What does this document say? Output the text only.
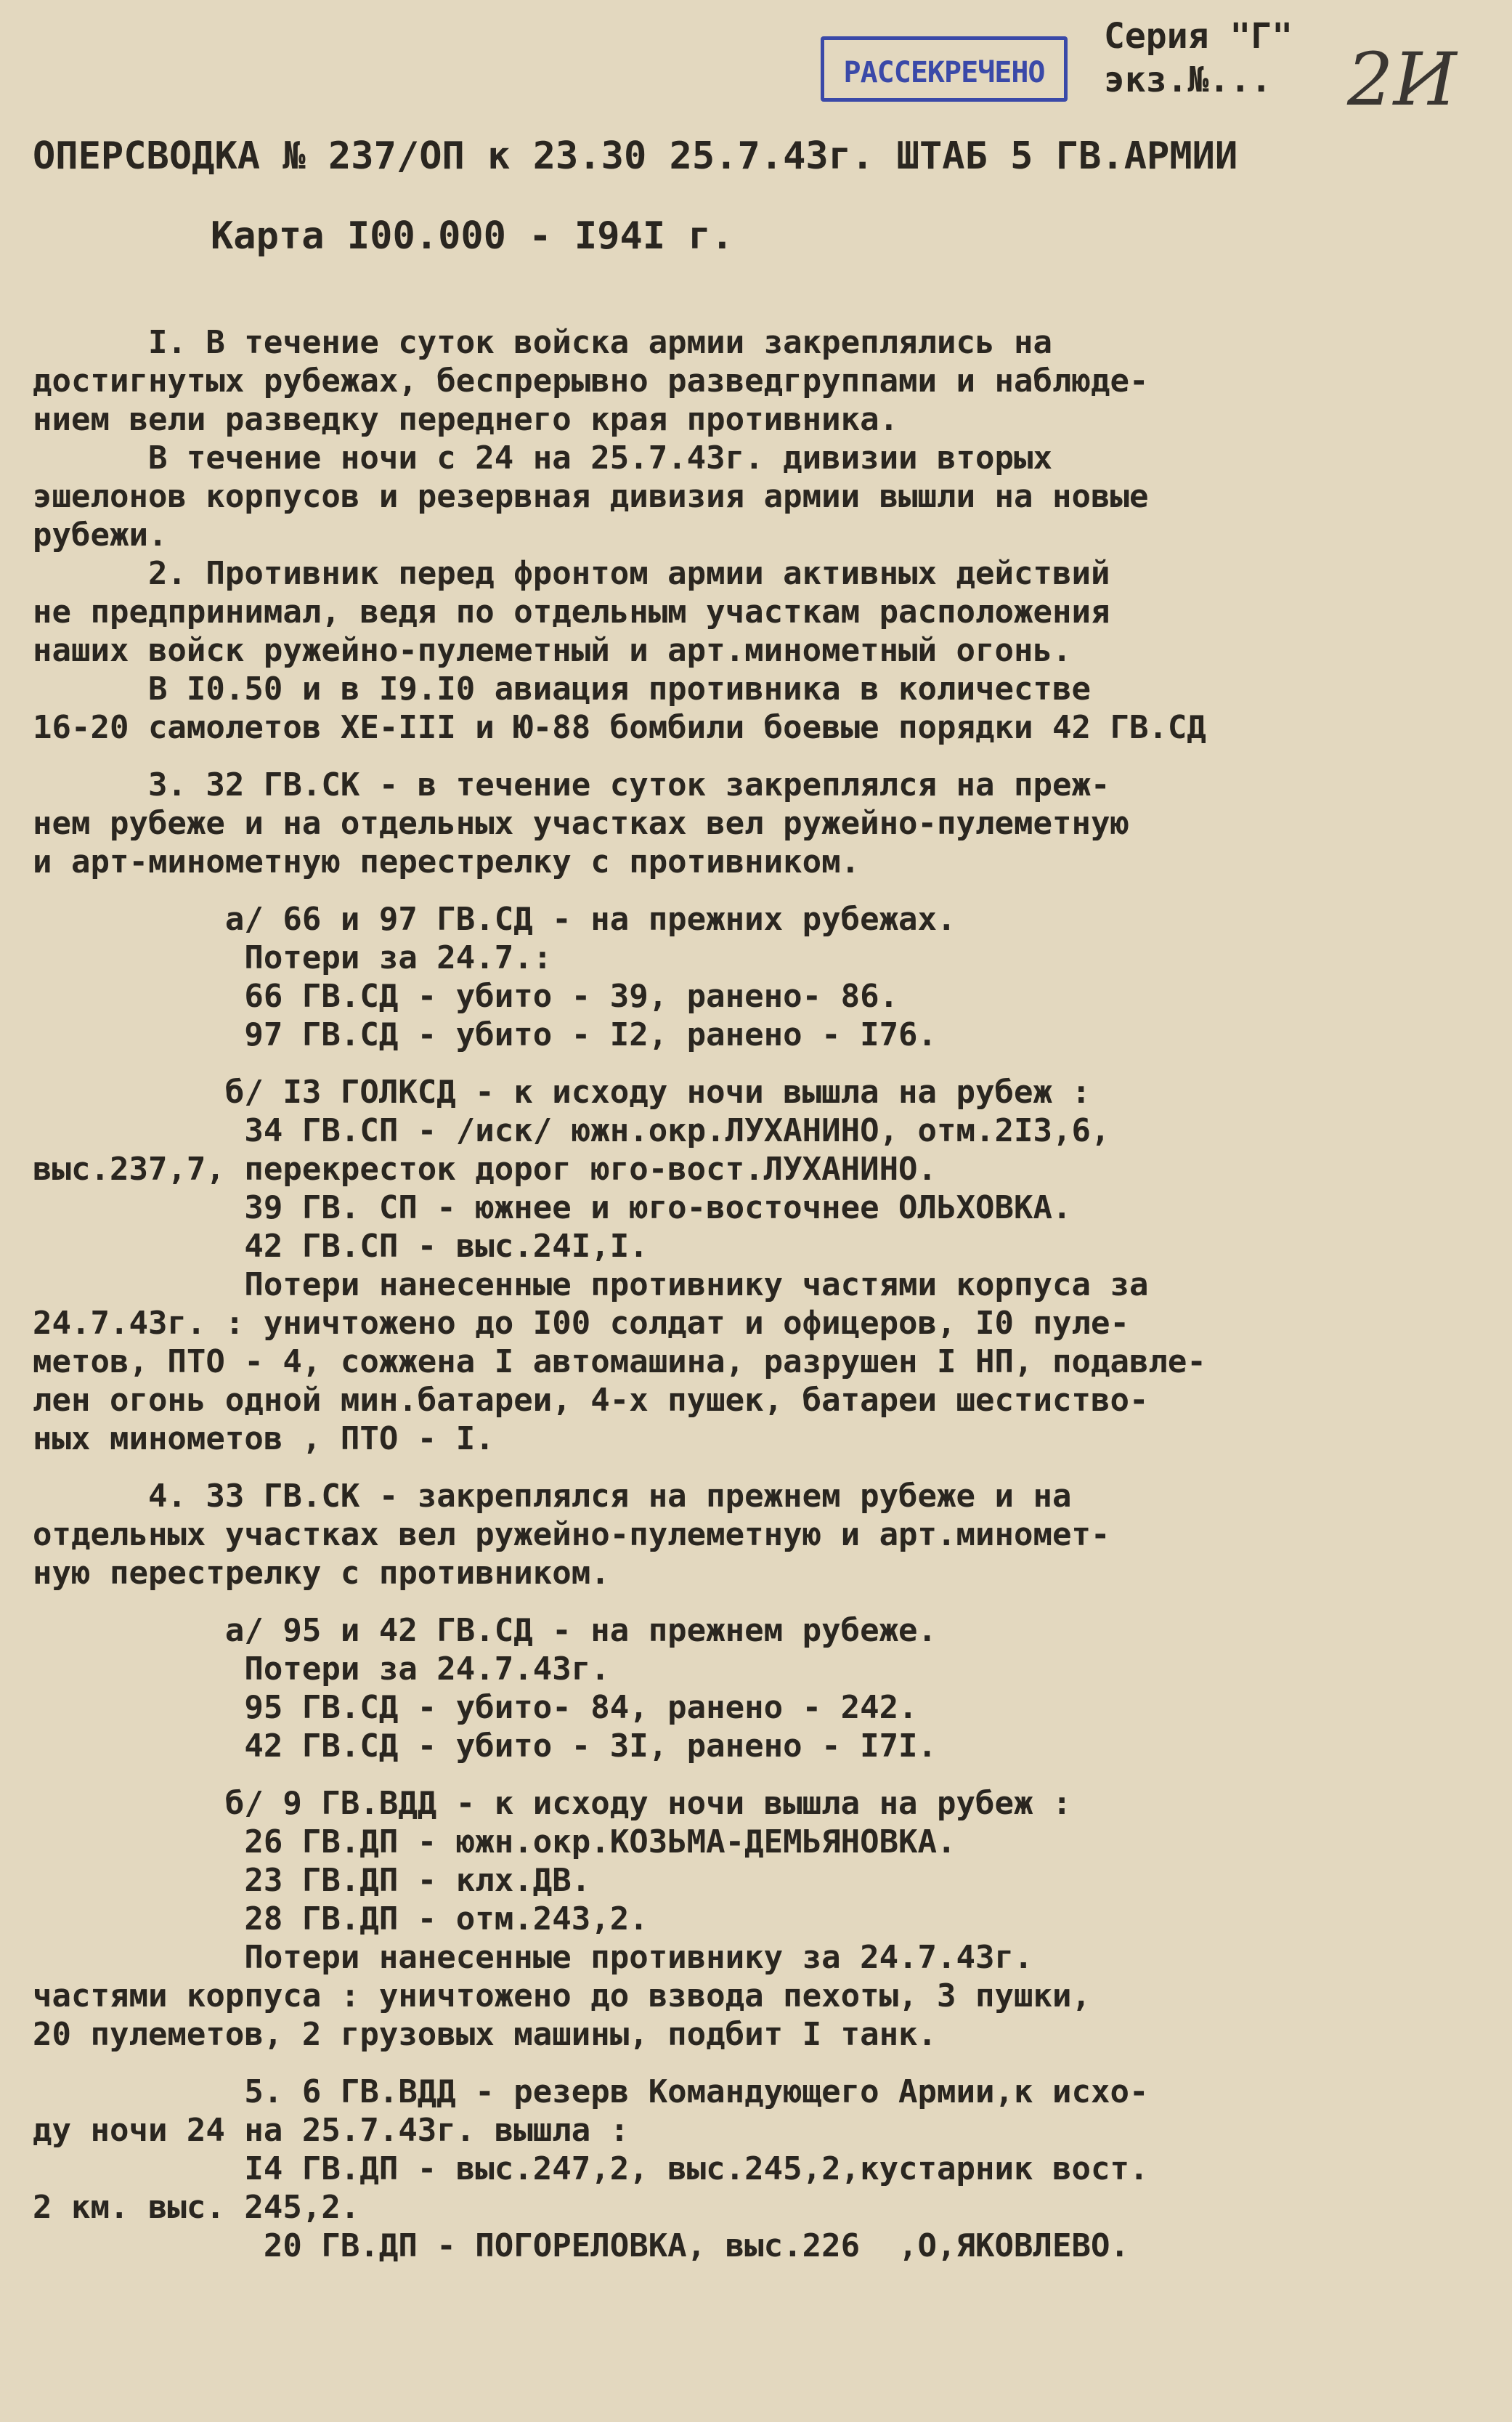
РАССЕКРЕЧЕНО
Серия "Г"
экз.№... 2И
ОПЕРСВОДКА № 237/ОП к 23.30 25.7.43г. ШТАБ 5 ГВ.АРМИИ
Карта I00.000 - I94I г.
I. В течение суток войска армии закреплялись на
достигнутых рубежах, беспрерывно разведгруппами и наблюде-
нием вели разведку переднего края противника.
В течение ночи с 24 на 25.7.43г. дивизии вторых
эшелонов корпусов и резервная дивизия армии вышли на новые
рубежи.
2. Противник перед фронтом армии активных действий
не предпринимал, ведя по отдельным участкам расположения
наших войск ружейно-пулеметный и арт.минометный огонь.
В I0.50 и в I9.I0 авиация противника в количестве
16-20 самолетов ХЕ-III и Ю-88 бомбили боевые порядки 42 ГВ.СД
3. 32 ГВ.СК - в течение суток закреплялся на преж-
нем рубеже и на отдельных участках вел ружейно-пулеметную
и арт-минометную перестрелку с противником.
а/ 66 и 97 ГВ.СД - на прежних рубежах.
Потери за 24.7.:
66 ГВ.СД - убито - 39, ранено- 86.
97 ГВ.СД - убито - I2, ранено - I76.
б/ I3 ГОЛКСД - к исходу ночи вышла на рубеж :
34 ГВ.СП - /иск/ южн.окр.ЛУХАНИНО, отм.2I3,6,
выс.237,7, перекресток дорог юго-вост.ЛУХАНИНО.
39 ГВ. СП - южнее и юго-восточнее ОЛЬХОВКА.
42 ГВ.СП - выс.24I,I.
Потери нанесенные противнику частями корпуса за
24.7.43г. : уничтожено до I00 солдат и офицеров, I0 пуле-
метов, ПТО - 4, сожжена I автомашина, разрушен I НП, подавле-
лен огонь одной мин.батареи, 4-х пушек, батареи шестиство-
ных минометов , ПТО - I.
4. 33 ГВ.СК - закреплялся на прежнем рубеже и на
отдельных участках вел ружейно-пулеметную и арт.миномет-
ную перестрелку с противником.
а/ 95 и 42 ГВ.СД - на прежнем рубеже.
Потери за 24.7.43г.
95 ГВ.СД - убито- 84, ранено - 242.
42 ГВ.СД - убито - 3I, ранено - I7I.
б/ 9 ГВ.ВДД - к исходу ночи вышла на рубеж :
26 ГВ.ДП - южн.окр.КОЗЬМА-ДЕМЬЯНОВКА.
23 ГВ.ДП - клх.ДВ.
28 ГВ.ДП - отм.243,2.
Потери нанесенные противнику за 24.7.43г.
частями корпуса : уничтожено до взвода пехоты, 3 пушки,
20 пулеметов, 2 грузовых машины, подбит I танк.
5. 6 ГВ.ВДД - резерв Командующего Армии,к исхо-
ду ночи 24 на 25.7.43г. вышла :
I4 ГВ.ДП - выс.247,2, выс.245,2,кустарник вост.
2 км. выс. 245,2.
20 ГВ.ДП - ПОГОРЕЛОВКА, выс.226  ,О,ЯКОВЛЕВО.
